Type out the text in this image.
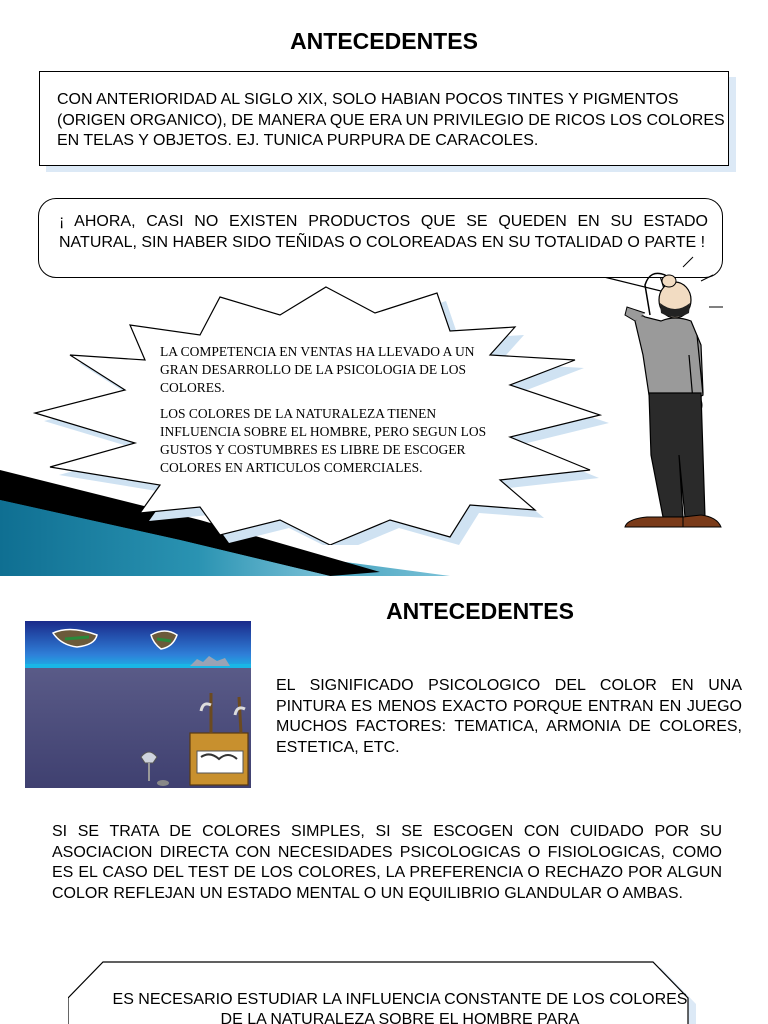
ANTECEDENTES
CON ANTERIORIDAD AL SIGLO XIX, SOLO HABIAN POCOS TINTES Y PIGMENTOS (ORIGEN ORGANICO), DE MANERA QUE ERA UN PRIVILEGIO DE RICOS LOS COLORES EN TELAS Y OBJETOS. EJ. TUNICA PURPURA DE CARACOLES.

LA COMPETENCIA EN VENTAS HA LLEVADO A UN GRAN DESARROLLO DE LA PSICOLOGIA DE LOS COLORES.

LOS COLORES DE LA NATURALEZA TIENEN INFLUENCIA SOBRE EL HOMBRE, PERO SEGUN LOS GUSTOS Y COSTUMBRES ES LIBRE DE ESCOGER COLORES EN ARTICULOS COMERCIALES.

¡ AHORA, CASI NO EXISTEN PRODUCTOS QUE SE QUEDEN EN SU ESTADO NATURAL, SIN HABER SIDO TEÑIDAS O COLOREADAS EN SU TOTALIDAD O PARTE !
ANTECEDENTES
EL SIGNIFICADO PSICOLOGICO DEL COLOR EN UNA PINTURA ES MENOS EXACTO PORQUE ENTRAN EN JUEGO MUCHOS FACTORES: TEMATICA, ARMONIA DE COLORES, ESTETICA, ETC.
SI SE TRATA DE COLORES SIMPLES, SI SE ESCOGEN CON CUIDADO POR SU ASOCIACION DIRECTA CON NECESIDADES PSICOLOGICAS O FISIOLOGICAS, COMO ES EL CASO DEL TEST DE LOS COLORES, LA PREFERENCIA O RECHAZO POR ALGUN COLOR REFLEJAN UN ESTADO MENTAL O UN EQUILIBRIO GLANDULAR O AMBAS.
ES NECESARIO ESTUDIAR LA INFLUENCIA CONSTANTE DE LOS COLORES DE LA NATURALEZA SOBRE EL HOMBRE PARA
